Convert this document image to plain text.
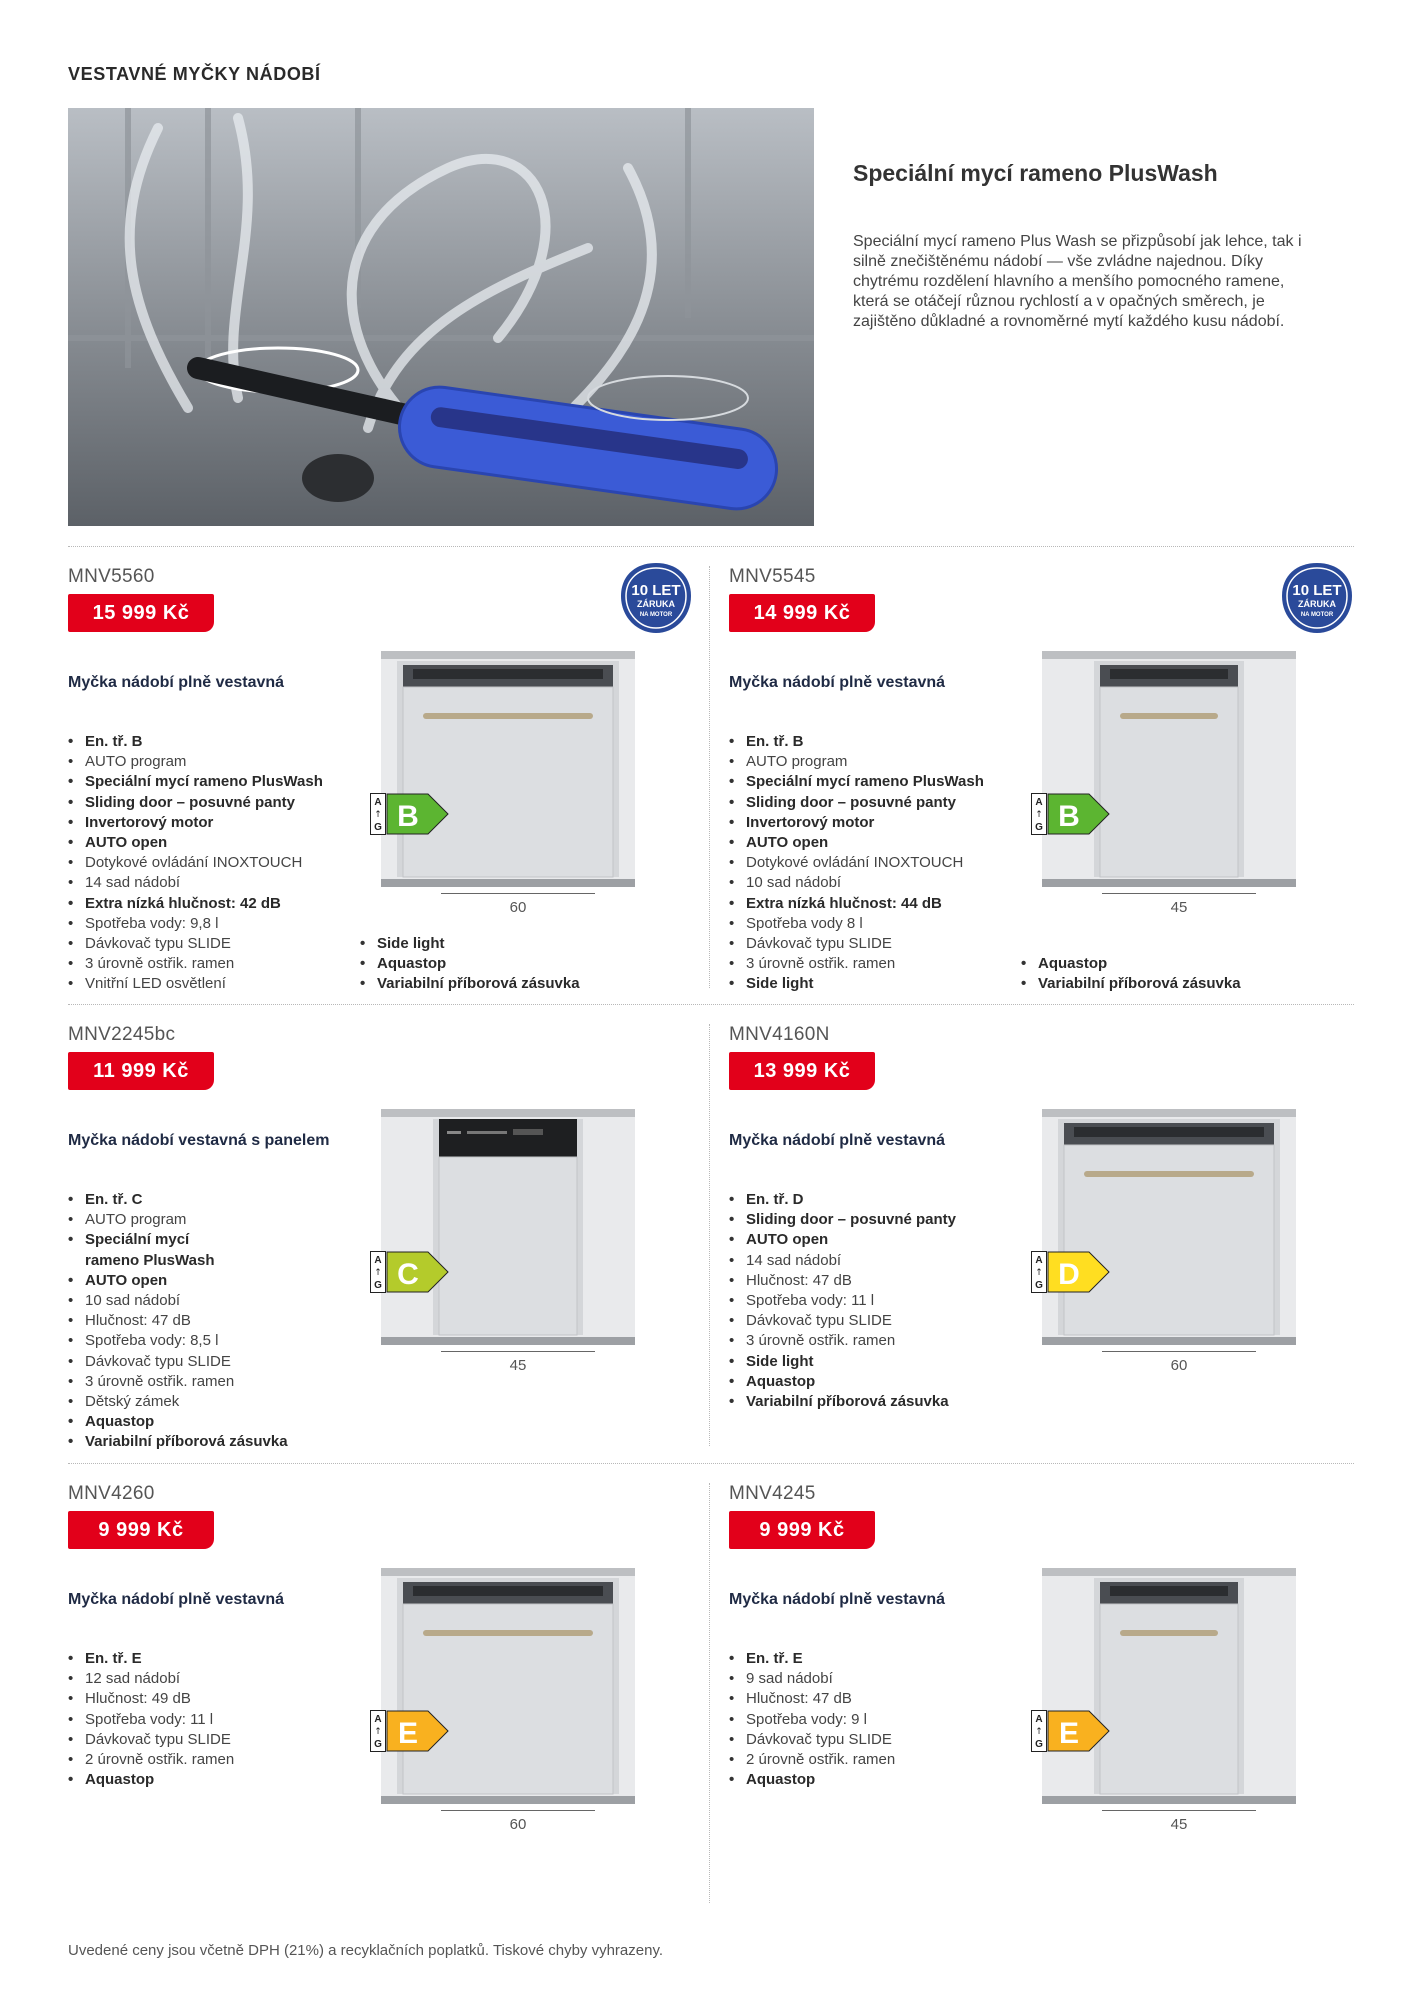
VESTAVNÉ MYČKY NÁDOBÍ
Speciální mycí rameno PlusWash
Speciální mycí rameno Plus Wash se přizpůsobí jak lehce, tak i silně znečištěnému nádobí — vše zvládne najednou. Díky chytrému rozdělení hlavního a menšího pomocného ramene, která se otáčejí různou rychlostí a v opačných směrech, je zajištěno důkladné a rovnoměrné mytí každého kusu nádobí.
MNV5560
15 999 Kč
10 LET
ZÁRUKA
NA MOTOR
Myčka nádobí plně vestavná
• En. tř. B
• AUTO program
• Speciální mycí rameno PlusWash
• Sliding door – posuvné panty
• Invertorový motor
• AUTO open
• Dotykové ovládání INOXTOUCH
• 14 sad nádobí
• Extra nízká hlučnost: 42 dB
• Spotřeba vody: 9,8 l
• Dávkovač typu SLIDE
• 3 úrovně ostřik. ramen
• Vnitřní LED osvětlení
• Side light
• Aquastop
• Variabilní příborová zásuvka
60
A
↑
G B
MNV5545
14 999 Kč
10 LET
ZÁRUKA
NA MOTOR
Myčka nádobí plně vestavná
• En. tř. B
• AUTO program
• Speciální mycí rameno PlusWash
• Sliding door – posuvné panty
• Invertorový motor
• AUTO open
• Dotykové ovládání INOXTOUCH
• 10 sad nádobí
• Extra nízká hlučnost: 44 dB
• Spotřeba vody 8 l
• Dávkovač typu SLIDE
• 3 úrovně ostřik. ramen
• Side light
• Aquastop
• Variabilní příborová zásuvka
45
A
↑
G B
MNV2245bc
11 999 Kč
Myčka nádobí vestavná s panelem
• En. tř. C
• AUTO program
• Speciální mycí
rameno PlusWash
• AUTO open
• 10 sad nádobí
• Hlučnost: 47 dB
• Spotřeba vody: 8,5 l
• Dávkovač typu SLIDE
• 3 úrovně ostřik. ramen
• Dětský zámek
• Aquastop
• Variabilní příborová zásuvka
45
A
↑
G C
MNV4160N
13 999 Kč
Myčka nádobí plně vestavná
• En. tř. D
• Sliding door – posuvné panty
• AUTO open
• 14 sad nádobí
• Hlučnost: 47 dB
• Spotřeba vody: 11 l
• Dávkovač typu SLIDE
• 3 úrovně ostřik. ramen
• Side light
• Aquastop
• Variabilní příborová zásuvka
60
A
↑
G D
MNV4260
9 999 Kč
Myčka nádobí plně vestavná
• En. tř. E
• 12 sad nádobí
• Hlučnost: 49 dB
• Spotřeba vody: 11 l
• Dávkovač typu SLIDE
• 2 úrovně ostřik. ramen
• Aquastop
60
A
↑
G E
MNV4245
9 999 Kč
Myčka nádobí plně vestavná
• En. tř. E
• 9 sad nádobí
• Hlučnost: 47 dB
• Spotřeba vody: 9 l
• Dávkovač typu SLIDE
• 2 úrovně ostřik. ramen
• Aquastop
45
A
↑
G E
Uvedené ceny jsou včetně DPH (21%) a recyklačních poplatků. Tiskové chyby vyhrazeny.
